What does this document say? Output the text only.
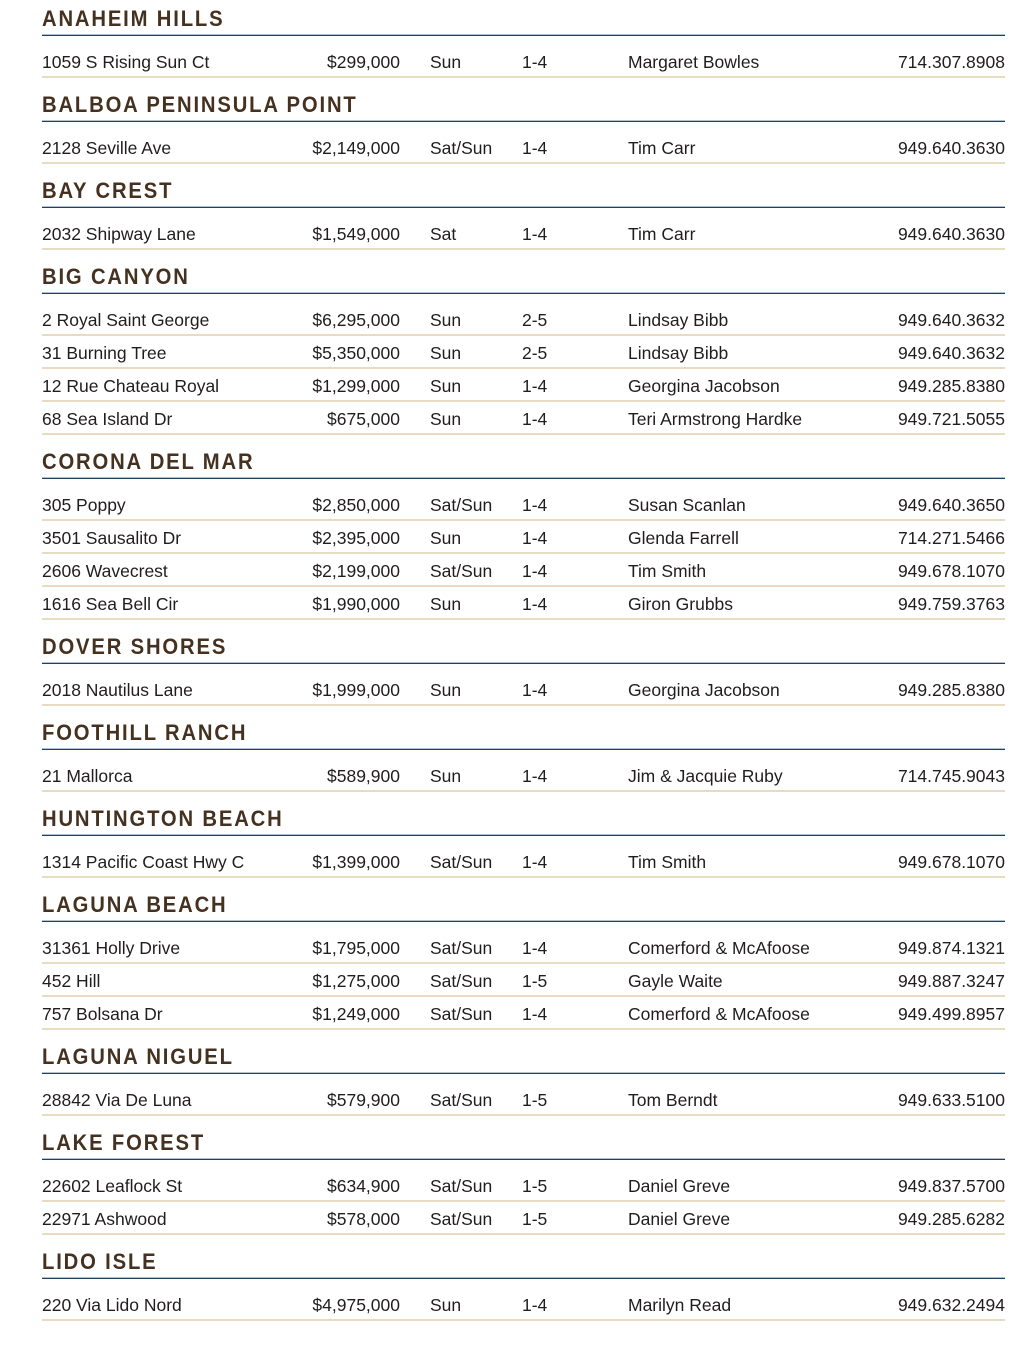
ANAHEIM HILLS
1059 S Rising Sun Ct	$299,000	Sun	1-4	Margaret Bowles	714.307.8908
BALBOA PENINSULA POINT
2128 Seville Ave	$2,149,000	Sat/Sun	1-4	Tim Carr	949.640.3630
BAY CREST
2032 Shipway Lane	$1,549,000	Sat	1-4	Tim Carr	949.640.3630
BIG CANYON
2 Royal Saint George	$6,295,000	Sun	2-5	Lindsay Bibb	949.640.3632
31 Burning Tree	$5,350,000	Sun	2-5	Lindsay Bibb	949.640.3632
12 Rue Chateau Royal	$1,299,000	Sun	1-4	Georgina Jacobson	949.285.8380
68 Sea Island Dr	$675,000	Sun	1-4	Teri Armstrong Hardke	949.721.5055
CORONA DEL MAR
305 Poppy	$2,850,000	Sat/Sun	1-4	Susan Scanlan	949.640.3650
3501 Sausalito Dr	$2,395,000	Sun	1-4	Glenda Farrell	714.271.5466
2606 Wavecrest	$2,199,000	Sat/Sun	1-4	Tim Smith	949.678.1070
1616 Sea Bell Cir	$1,990,000	Sun	1-4	Giron Grubbs	949.759.3763
DOVER SHORES
2018 Nautilus Lane	$1,999,000	Sun	1-4	Georgina Jacobson	949.285.8380
FOOTHILL RANCH
21 Mallorca	$589,900	Sun	1-4	Jim & Jacquie Ruby	714.745.9043
HUNTINGTON BEACH
1314 Pacific Coast Hwy C	$1,399,000	Sat/Sun	1-4	Tim Smith	949.678.1070
LAGUNA BEACH
31361 Holly Drive	$1,795,000	Sat/Sun	1-4	Comerford & McAfoose	949.874.1321
452 Hill	$1,275,000	Sat/Sun	1-5	Gayle Waite	949.887.3247
757 Bolsana Dr	$1,249,000	Sat/Sun	1-4	Comerford & McAfoose	949.499.8957
LAGUNA NIGUEL
28842 Via De Luna	$579,900	Sat/Sun	1-5	Tom Berndt	949.633.5100
LAKE FOREST
22602 Leaflock St	$634,900	Sat/Sun	1-5	Daniel Greve	949.837.5700
22971 Ashwood	$578,000	Sat/Sun	1-5	Daniel Greve	949.285.6282
LIDO ISLE
220 Via Lido Nord	$4,975,000	Sun	1-4	Marilyn Read	949.632.2494
